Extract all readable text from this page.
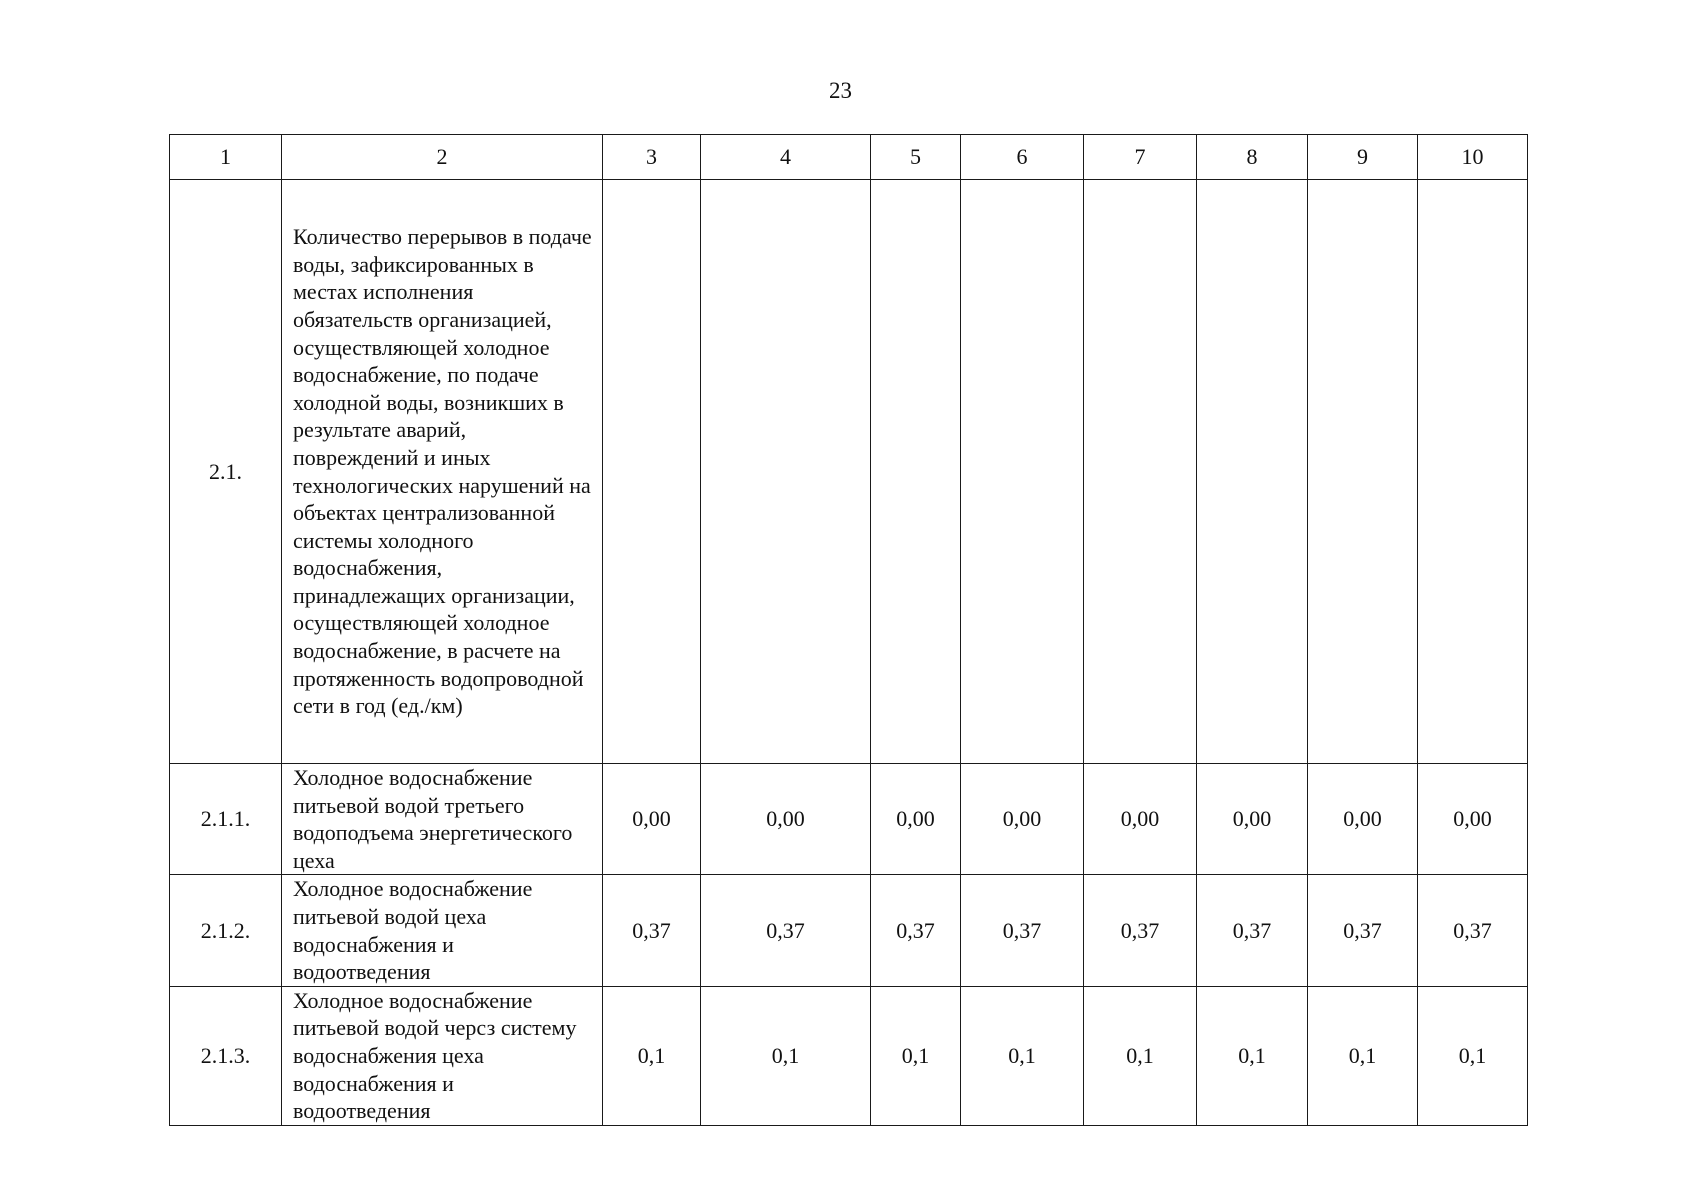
23
1	2	3	4	5	6	7	8	9	10
2.1.	Количество перерывов в подаче воды, зафиксированных в местах исполнения обязательств организацией, осуществляющей холодное водоснабжение, по подаче холодной воды, возникших в результате аварий, повреждений и иных технологических нарушений на объектах централизованной системы холодного водоснабжения, принадлежащих организации, осуществляющей холодное водоснабжение, в расчете на протяженность водопроводной сети в год (ед./км)								
2.1.1.	Холодное водоснабжение питьевой водой третьего водоподъема энергетического цеха	0,00	0,00	0,00	0,00	0,00	0,00	0,00	0,00
2.1.2.	Холодное водоснабжение питьевой водой цеха водоснабжения и водоотведения	0,37	0,37	0,37	0,37	0,37	0,37	0,37	0,37
2.1.3.	Холодное водоснабжение питьевой водой черсз систему водоснабжения цеха водоснабжения и водоотведения	0,1	0,1	0,1	0,1	0,1	0,1	0,1	0,1
